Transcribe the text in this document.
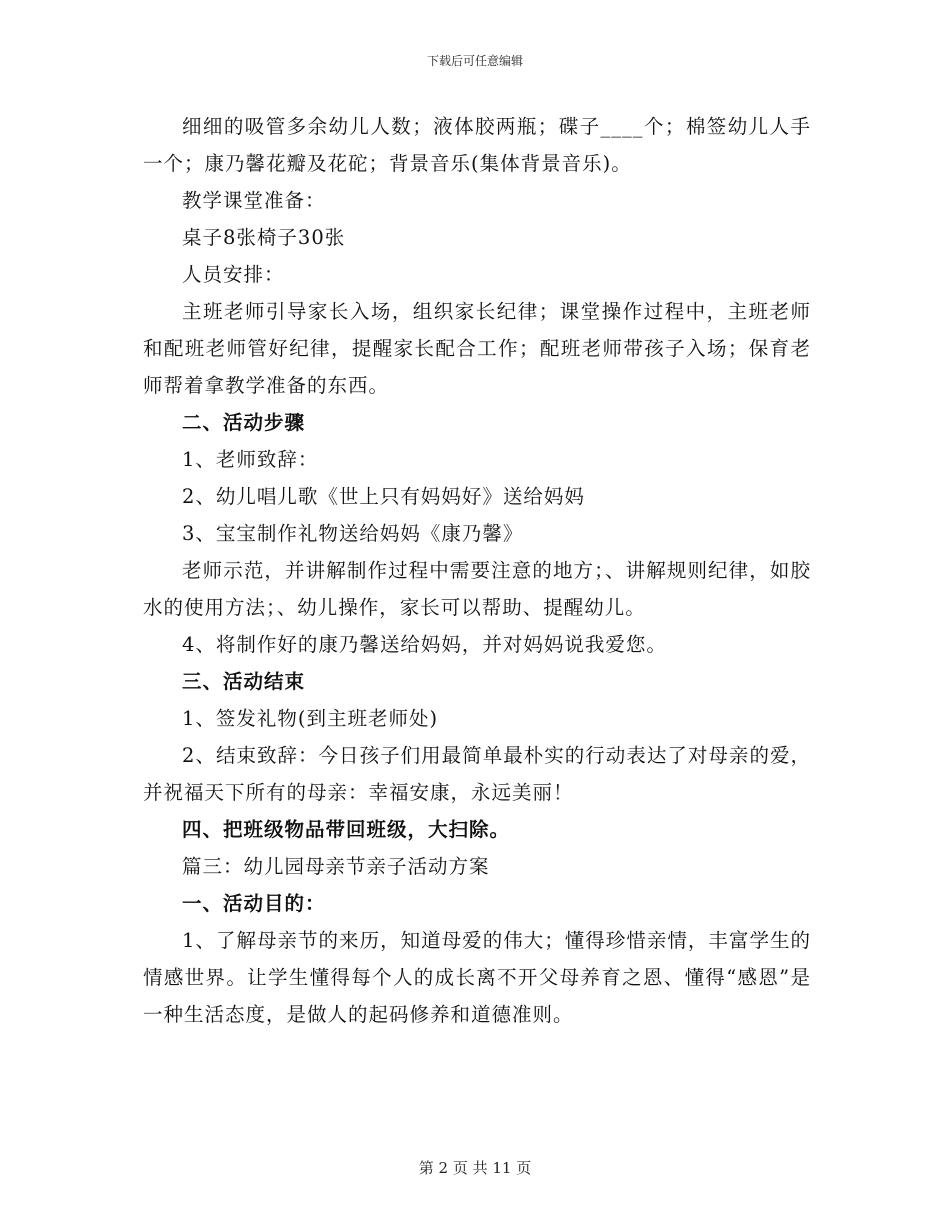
下载后可任意编辑

细细的吸管多余幼儿人数；液体胶两瓶；碟子____个；棉签幼儿人手一个；康乃馨花瓣及花砣；背景音乐(集体背景音乐)。

教学课堂准备：

桌子8张椅子30张

人员安排：

主班老师引导家长入场，组织家长纪律；课堂操作过程中，主班老师和配班老师管好纪律，提醒家长配合工作；配班老师带孩子入场；保育老师帮着拿教学准备的东西。

二、活动步骤

1、老师致辞：

2、幼儿唱儿歌《世上只有妈妈好》送给妈妈

3、宝宝制作礼物送给妈妈《康乃馨》

老师示范，并讲解制作过程中需要注意的地方；、讲解规则纪律，如胶水的使用方法；、幼儿操作，家长可以帮助、提醒幼儿。

4、将制作好的康乃馨送给妈妈，并对妈妈说我爱您。

三、活动结束

1、签发礼物(到主班老师处)

2、结束致辞：今日孩子们用最简单最朴实的行动表达了对母亲的爱，并祝福天下所有的母亲：幸福安康，永远美丽！

四、把班级物品带回班级，大扫除。

篇三：幼儿园母亲节亲子活动方案

一、活动目的：

1、了解母亲节的来历，知道母爱的伟大；懂得珍惜亲情，丰富学生的情感世界。让学生懂得每个人的成长离不开父母养育之恩、懂得“感恩”是一种生活态度，是做人的起码修养和道德准则。

第 2 页 共 11 页
